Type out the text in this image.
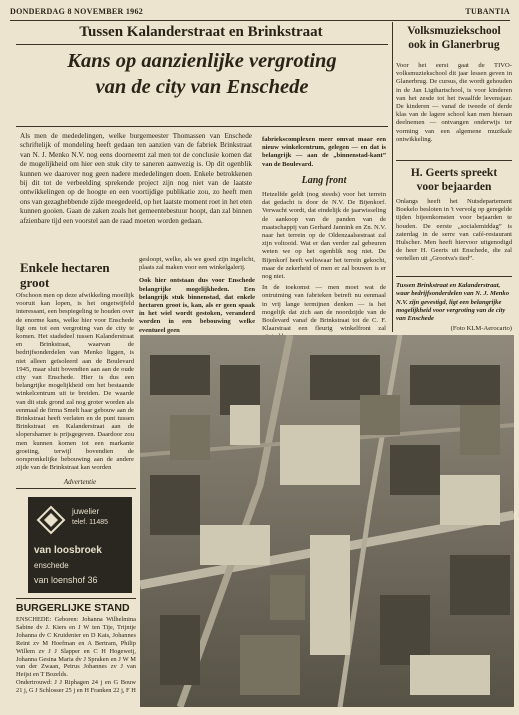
DONDERDAG 8 NOVEMBER 1962	TUBANTIA
Tussen Kalanderstraat en Brinkstraat
Kans op aanzienlijke vergroting
van de city van Enschede

Als men de mededelingen, welke burgemeester Thomassen van Enschede schriftelijk of mondeling heeft gedaan ten aanzien van de fabriek Brinkstraat van N. J. Menko N.V. nog eens doorneemt zal men tot de conclusie komen dat de mogelijkheid om hier een stuk city te saneren aanwezig is. Op dit ogenblik kunnen we daarover nog geen nadere mededelingen doen. Enkele betrokkenen bij dit tot de verbeelding sprekende project zijn nog niet van de laatste ontwikkelingen op de hoogte en een voortijdige publikatie zou, zo heeft men ons van gezaghebbende zijde meegedeeld, op het laatste moment roet in het eten kunnen gooien. Gaan de zaken zoals het gemeentebestuur hoopt, dan zal binnen afzienbare tijd een voorstel aan de raad moeten worden gedaan.

Enkele hectaren groot

Ofschoon men op deze afwikkeling moeilijk vooruit kan lopen, is het ongetwijfeld interessant, een bespiegeling te houden over de enorme kans, welke hier voor Enschede ligt om tot een vergroting van de city te komen. Het stadsdeel tussen Kalanderstraat en Brinkstraat, waarvan de bedrijfsonderdelen van Menko liggen, is niet alleen geïsoleerd aan de Boulevard 1945, maar sluit bovendien aan aan de oude city van Enschede. Hier is dus een belangrijke mogelijkheid om het bestaande winkelcentrum uit te breiden. De waarde van dit stuk grond zal nog groter worden als eenmaal de firma Smelt haar gebouw aan de Brinkstraat heeft verlaten en de punt tussen Brinkstraat en Kalanderstraat aan de slopershamer is prijsgegeven. Daardoor zou men kunnen komen tot een markante groeiing, terwijl bovendien de oorspronkelijke bebouwing aan de andere zijde van de Brinkstraat kan worden

gesloopt, welke, als we goed zijn ingelicht, plaats zal maken voor een winkelgalerij.

Ook hier ontstaan dus voor Enschede belangrijke mogelijkheden. Een belangrijk stuk binnenstad, dat enkele hectaren groot is, kan, als er geen spaak in het wiel wordt gestoken, veranderd worden in een bebouwing welke eventueel geen

fabriekscomplexen meer omvat maar een nieuw winkelcentrum, gelegen — en dat is belangrijk — aan de „binnenstad-kant” van de Boulevard.

Lang front

Hetzelfde geldt (nog steeds) voor het terrein dat gedacht is door de N.V. De Bijenkorf. Verwacht wordt, dat eindelijk de jaarwisseling de aankoop van de panden van de maatschappij van Gerhard Jannink en Zn. N.V. naar het terrein op de Oldenzaalsestraat zal zijn voltooid. Wat er dan verder zal gebeuren weten we op het ogenblik nog niet. De Bijenkorf heeft weliswaar het terrein gekocht, maar de zekerheid of men er zal bouwen is er nog niet.

In de toekomst — men moet wat de ontruiming van fabrieken betreft nu eenmaal in vrij lange termijnen denken — is het mogelijk dat zich aan de noordzijde van de Boulevard vanaf de Brinkstraat tot de C. F. Klaarstraat een fleurig winkelfront zal

Volksmuziekschool
ook in Glanerbrug
Voor het eerst gaat de TIVO-volksmuziekschool dit jaar lessen geven in Glanerbrug. De cursus, die wordt gehouden in de Jan Ligthartschool, is voor kinderen van het zesde tot het twaalfde levensjaar. De kinderen — vanaf de tweede of derde klas van de lagere school kan men hieraan deelnemen — ontvangen onderwijs ter vorming van een algemene muzikale ontwikkeling.
H. Geerts spreekt
voor bejaarden
Onlangs heeft het Nutsdepartement Boekelo besloten in 't vervolg op geregelde tijden bijeenkomsten voor bejaarden te houden. De eerste „socialemiddag” is zaterdag in de serre van café-restaurant Hulscher. Men heeft hiervoor uitgenodigd de heer H. Geerts uit Enschede, die zal vertellen uit „Grootva's tied”.
Tussen Brinkstraat en Kalanderstraat, waar bedrijfsonderdelen van N. J. Menko N.V. zijn gevestigd, ligt een belangrijke mogelijkheid voor vergroting van de city van Enschede
(Foto KLM-Aerocarto)
Advertentie
juwelier
telef. 11485
van loosbroek
enschede
van loenshof 36
BURGERLIJKE STAND

ENSCHEDE: Geboren: Johanna Wilhelmina Sabine dv J. Kiers en J W ten Tije, Trijntje Johanna dv C Kruidenier en D Kats, Johannes Reint zv M Hoefman en A Bertram, Philip Willem zv J J Slapper en C H Hogeweij, Johanna Gesina Maria dv J Spraken en J W M van der Zwaan, Petrus Johannes zv J van Heijst en T Bozelds.

Ondertrouwd: J J Riphagen 24 j en G Bouw 21 j, G J Schlosser 25 j en H Franken 22 j, F H
